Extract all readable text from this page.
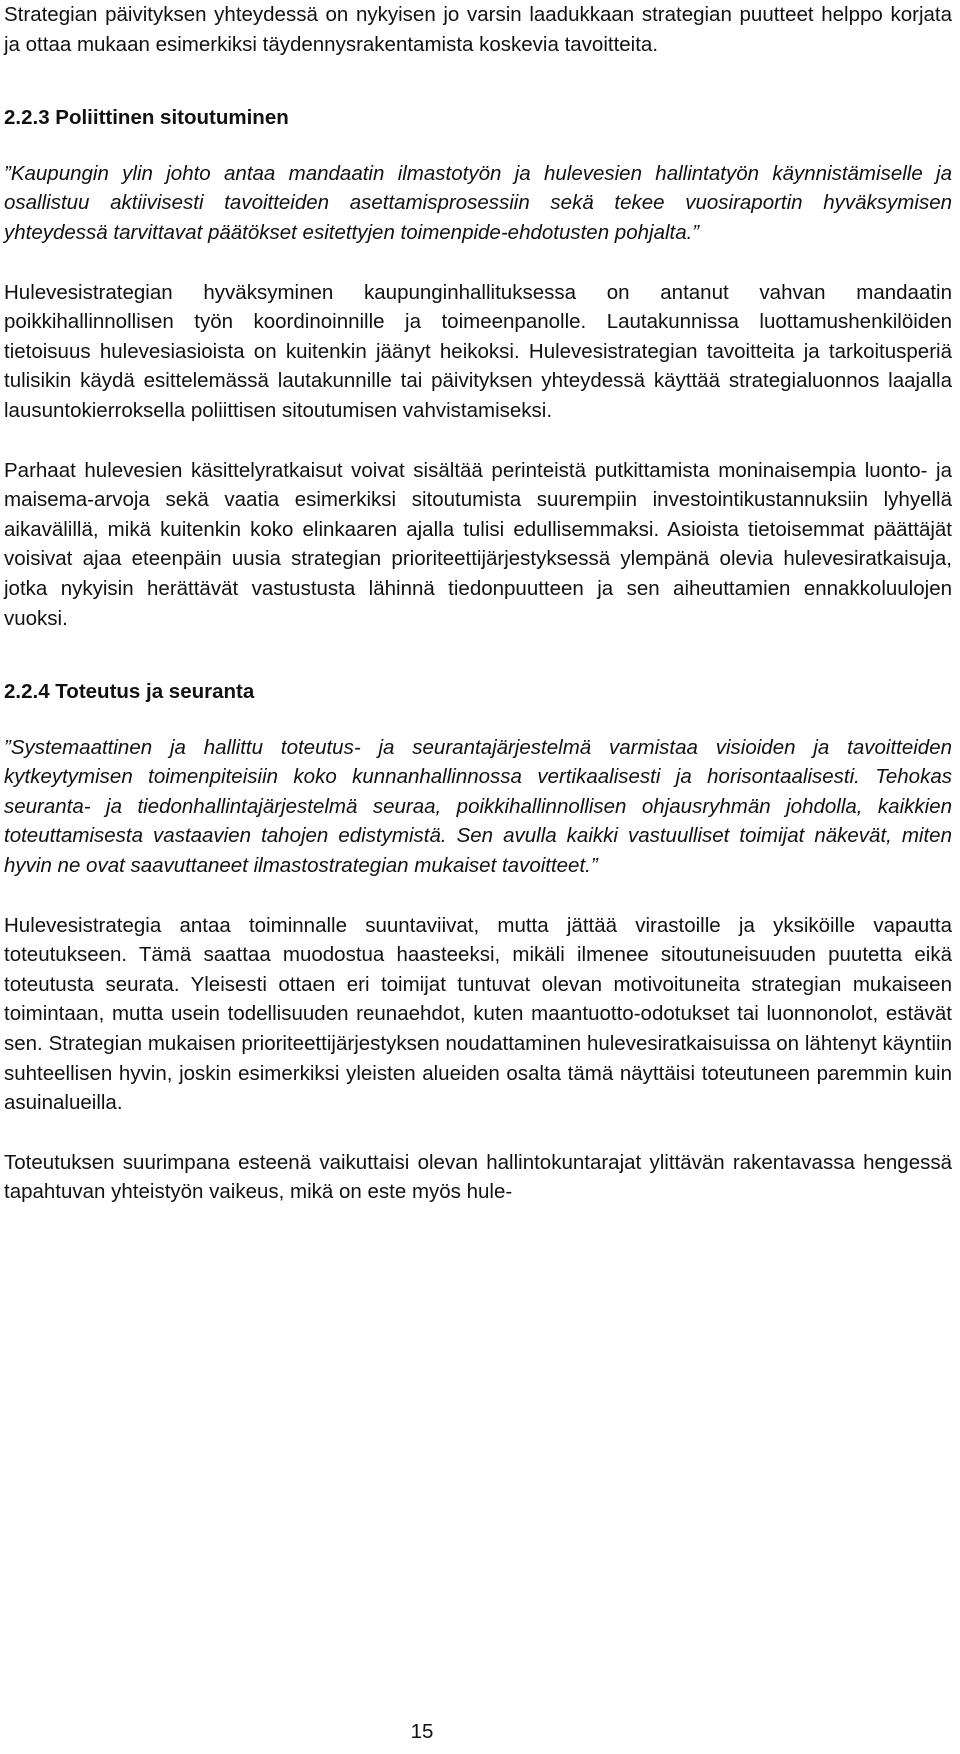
Strategian päivityksen yhteydessä on nykyisen jo varsin laadukkaan strategian puutteet helppo korjata ja ottaa mukaan esimerkiksi täydennysrakentamista koskevia tavoitteita.

2.2.3 Poliittinen sitoutuminen

”Kaupungin ylin johto antaa mandaatin ilmastotyön ja hulevesien hallintatyön käynnistämiselle ja osallistuu aktiivisesti tavoitteiden asettamisprosessiin sekä tekee vuosiraportin hyväksymisen yhteydessä tarvittavat päätökset esitettyjen toimenpide-ehdotusten pohjalta.”

Hulevesistrategian hyväksyminen kaupunginhallituksessa on antanut vahvan mandaatin poikkihallinnollisen työn koordinoinnille ja toimeenpanolle. Lautakunnissa luottamushenkilöiden tietoisuus hulevesiasioista on kuitenkin jäänyt heikoksi. Hulevesistrategian tavoitteita ja tarkoitusperiä tulisikin käydä esittelemässä lautakunnille tai päivityksen yhteydessä käyttää strategialuonnos laajalla lausuntokierroksella poliittisen sitoutumisen vahvistamiseksi.

Parhaat hulevesien käsittelyratkaisut voivat sisältää perinteistä putkittamista moninaisempia luonto- ja maisema-arvoja sekä vaatia esimerkiksi sitoutumista suurempiin investointikustannuksiin lyhyellä aikavälillä, mikä kuitenkin koko elinkaaren ajalla tulisi edullisemmaksi. Asioista tietoisemmat päättäjät voisivat ajaa eteenpäin uusia strategian prioriteettijärjestyksessä ylempänä olevia hulevesiratkaisuja, jotka nykyisin herättävät vastustusta lähinnä tiedonpuutteen ja sen aiheuttamien ennakkoluulojen vuoksi.

2.2.4 Toteutus ja seuranta

”Systemaattinen ja hallittu toteutus- ja seurantajärjestelmä varmistaa visioiden ja tavoitteiden kytkeytymisen toimenpiteisiin koko kunnanhallinnossa vertikaalisesti ja horisontaalisesti. Tehokas seuranta- ja tiedonhallintajärjestelmä seuraa, poikkihallinnollisen ohjausryhmän johdolla, kaikkien toteuttamisesta vastaavien tahojen edistymistä. Sen avulla kaikki vastuulliset toimijat näkevät, miten hyvin ne ovat saavuttaneet ilmastostrategian mukaiset tavoitteet.”

Hulevesistrategia antaa toiminnalle suuntaviivat, mutta jättää virastoille ja yksiköille vapautta toteutukseen. Tämä saattaa muodostua haasteeksi, mikäli ilmenee sitoutuneisuuden puutetta eikä toteutusta seurata. Yleisesti ottaen eri toimijat tuntuvat olevan motivoituneita strategian mukaiseen toimintaan, mutta usein todellisuuden reunaehdot, kuten maantuotto-odotukset tai luonnonolot, estävät sen. Strategian mukaisen prioriteettijärjestyksen noudattaminen hulevesiratkaisuissa on lähtenyt käyntiin suhteellisen hyvin, joskin esimerkiksi yleisten alueiden osalta tämä näyttäisi toteutuneen paremmin kuin asuinalueilla.

Toteutuksen suurimpana esteenä vaikuttaisi olevan hallintokuntarajat ylittävän rakentavassa hengessä tapahtuvan yhteistyön vaikeus, mikä on este myös hule-

15
